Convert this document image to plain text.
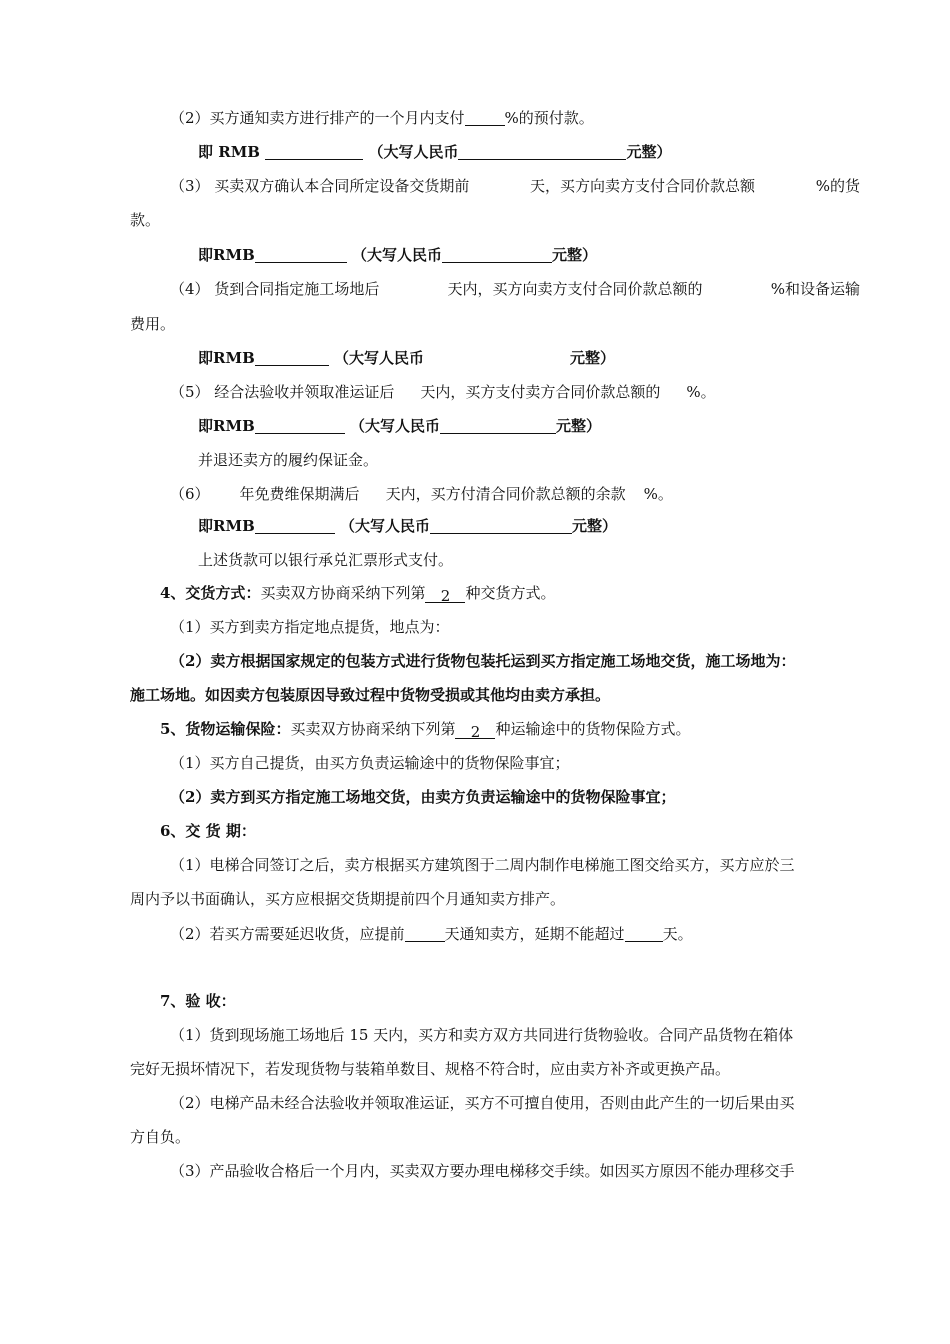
（2）买方通知卖方进行排产的一个月内支付	%的预付款。
即 RMB	（大写人民币	元整）
（3） 买卖双方确认本合同所定设备交货期前	天，买方向卖方支付合同价款总额	%的货
款。
即RMB	（大写人民币	元整）
（4） 货到合同指定施工场地后	天内，买方向卖方支付合同价款总额的	%和设备运输
费用。
即RMB	（大写人民币	元整）
（5） 经合法验收并领取准运证后 天内，买方支付卖方合同价款总额的 %。
即RMB	（大写人民币	元整）
并退还卖方的履约保证金。
（6） 年免费维保期满后 天内，买方付清合同价款总额的余款 %。
即RMB	（大写人民币	元整）
上述货款可以银行承兑汇票形式支付。
4、交货方式：买卖双方协商采纳下列第 2 种交货方式。
（1）买方到卖方指定地点提货，地点为：
（2）卖方根据国家规定的包装方式进行货物包装托运到买方指定施工场地交货，施工场地为：
施工场地。如因卖方包装原因导致过程中货物受损或其他均由卖方承担。
5、货物运输保险：买卖双方协商采纳下列第 2 种运输途中的货物保险方式。
（1）买方自己提货，由买方负责运输途中的货物保险事宜；
（2）卖方到买方指定施工场地交货，由卖方负责运输途中的货物保险事宜；
6、交 货 期：
（1）电梯合同签订之后，卖方根据买方建筑图于二周内制作电梯施工图交给买方，买方应於三
周内予以书面确认，买方应根据交货期提前四个月通知卖方排产。
（2）若买方需要延迟收货，应提前	天通知卖方，延期不能超过	天。
7、验 收：
（1）货到现场施工场地后 15 天内，买方和卖方双方共同进行货物验收。合同产品货物在箱体
完好无损坏情况下，若发现货物与装箱单数目、规格不符合时，应由卖方补齐或更换产品。
（2）电梯产品未经合法验收并领取准运证，买方不可擅自使用，否则由此产生的一切后果由买
方自负。
（3）产品验收合格后一个月内，买卖双方要办理电梯移交手续。如因买方原因不能办理移交手
